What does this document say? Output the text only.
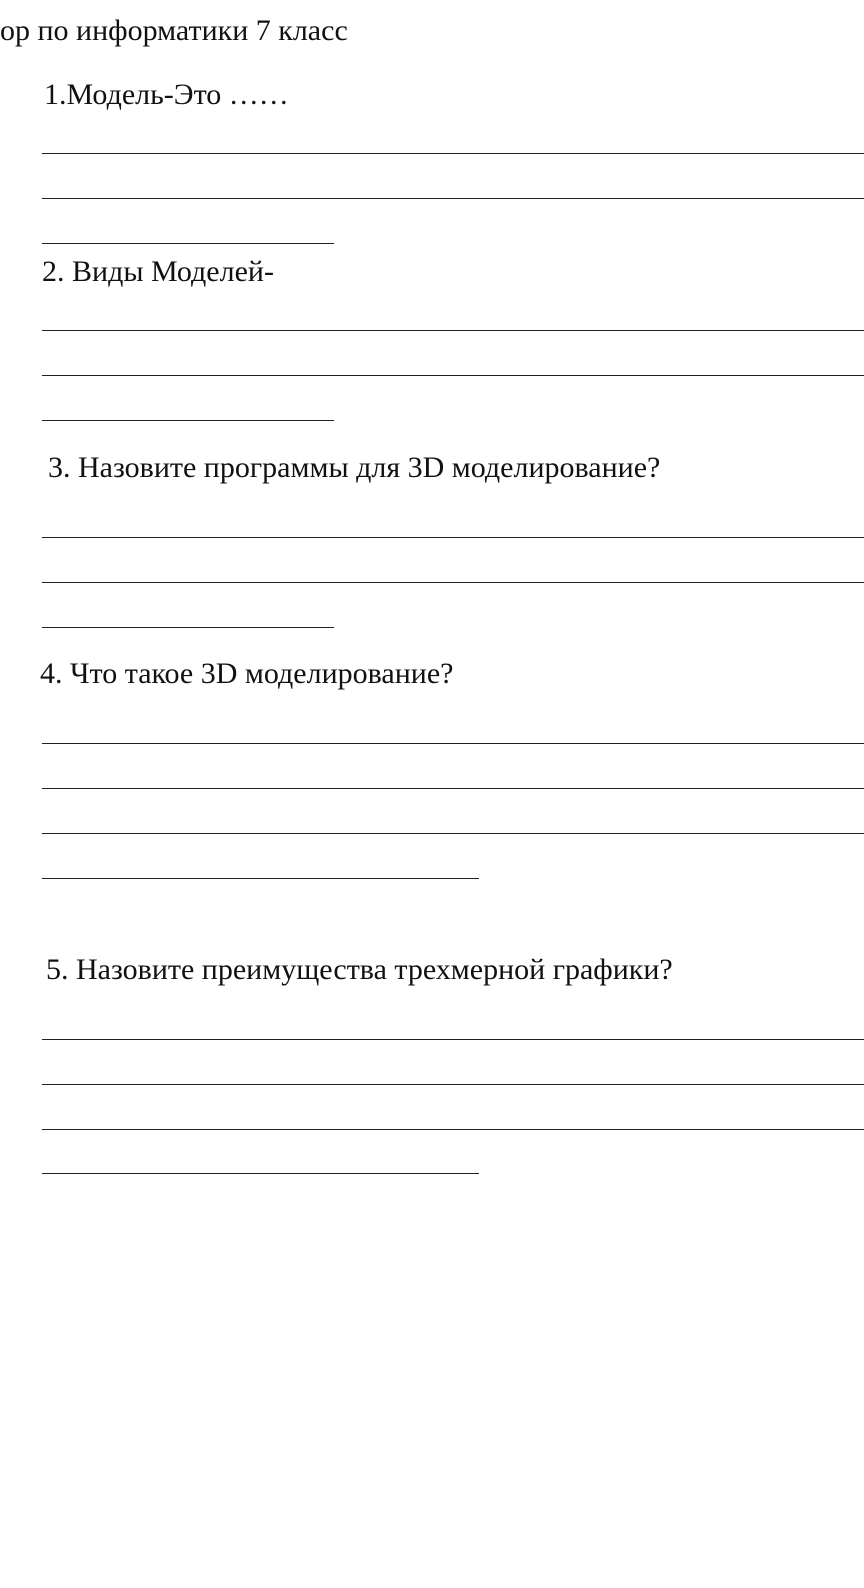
ор по информатики 7 класс
1.Модель-Это ……
2. Виды Моделей-
3. Назовите программы для 3D моделирование?
4. Что такое 3D моделирование?
5. Назовите преимущества трехмерной графики?
